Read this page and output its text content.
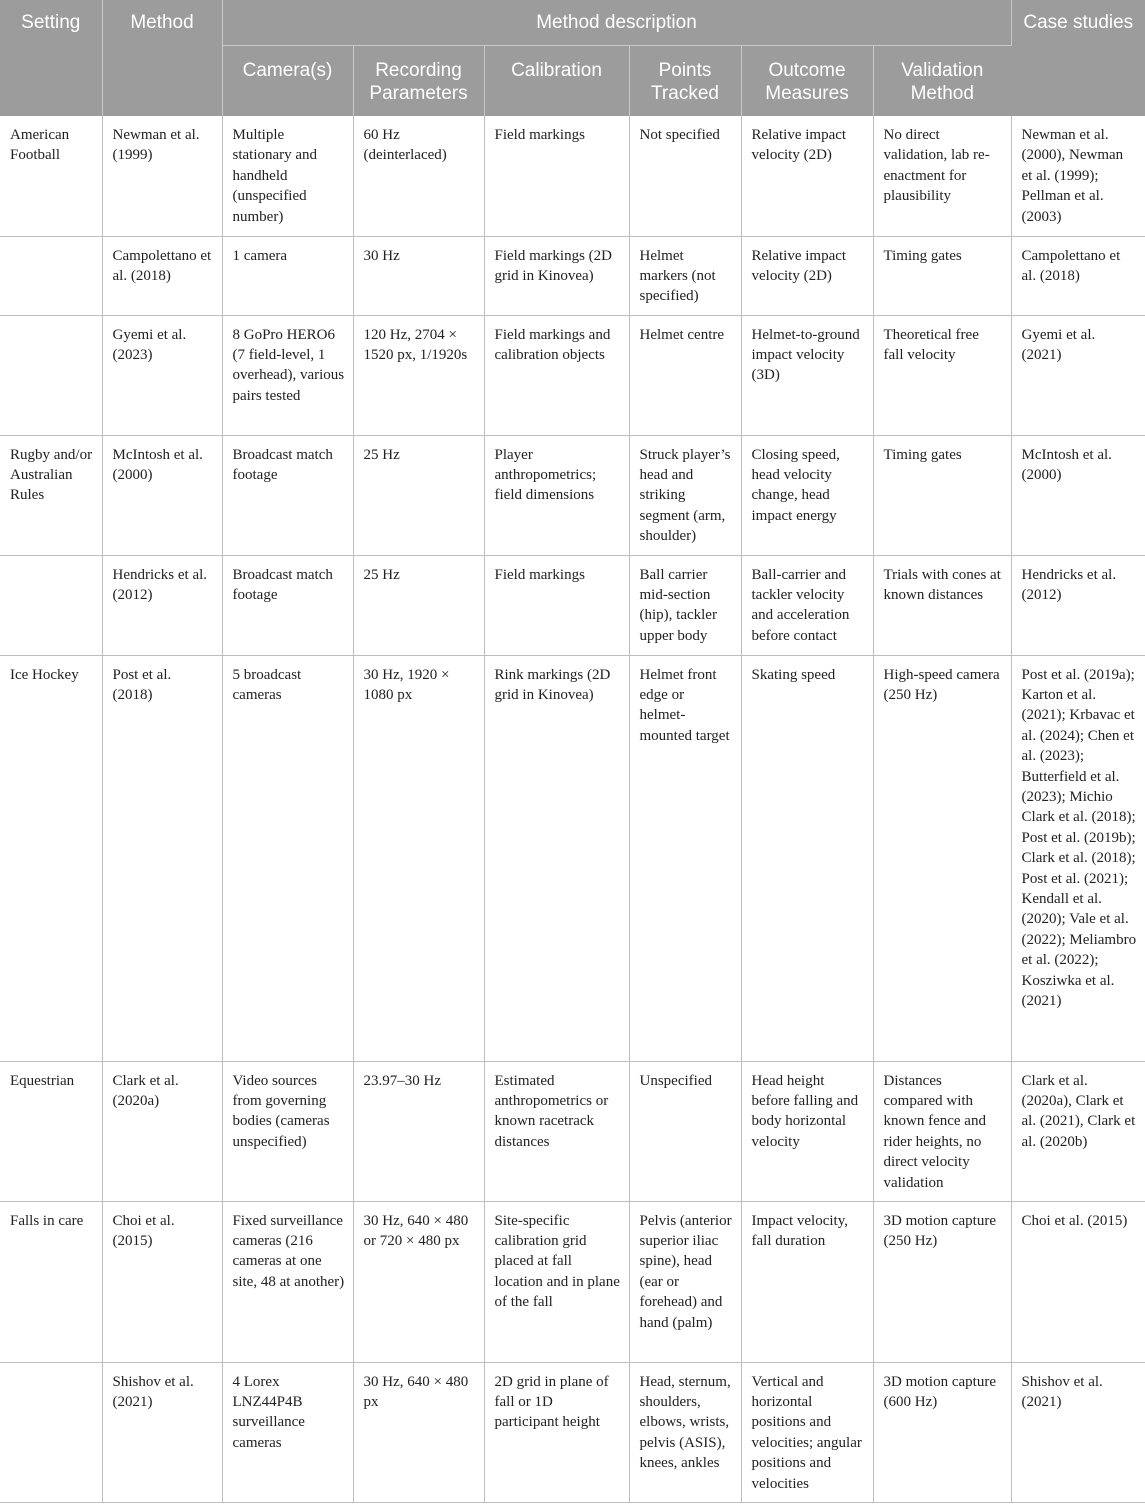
Setting	Method	Method description						Case studies
		Camera(s)	Recording Parameters	Calibration	Points Tracked	Outcome Measures	Validation Method	
American Football	Newman et al. (1999)	Multiple stationary and handheld (unspecified number)	60 Hz (deinterlaced)	Field markings	Not specified	Relative impact velocity (2D)	No direct validation, lab re-enactment for plausibility	Newman et al. (2000), Newman et al. (1999); Pellman et al. (2003)
	Campolettano et al. (2018)	1 camera	30 Hz	Field markings (2D grid in Kinovea)	Helmet markers (not specified)	Relative impact velocity (2D)	Timing gates	Campolettano et al. (2018)
	Gyemi et al. (2023)	8 GoPro HERO6 (7 field-level, 1 overhead), various pairs tested	120 Hz, 2704 × 1520 px, 1/1920s	Field markings and calibration objects	Helmet centre	Helmet-to-ground impact velocity (3D)	Theoretical free fall velocity	Gyemi et al. (2021)
Rugby and/or Australian Rules	McIntosh et al. (2000)	Broadcast match footage	25 Hz	Player anthropometrics; field dimensions	Struck player’s head and striking segment (arm, shoulder)	Closing speed, head velocity change, head impact energy	Timing gates	McIntosh et al. (2000)
	Hendricks et al. (2012)	Broadcast match footage	25 Hz	Field markings	Ball carrier mid-section (hip), tackler upper body	Ball-carrier and tackler velocity and acceleration before contact	Trials with cones at known distances	Hendricks et al. (2012)
Ice Hockey	Post et al. (2018)	5 broadcast cameras	30 Hz, 1920 × 1080 px	Rink markings (2D grid in Kinovea)	Helmet front edge or helmet-mounted target	Skating speed	High-speed camera (250 Hz)	Post et al. (2019a); Karton et al. (2021); Krbavac et al. (2024); Chen et al. (2023); Butterfield et al. (2023); Michio Clark et al. (2018); Post et al. (2019b); Clark et al. (2018); Post et al. (2021); Kendall et al. (2020); Vale et al. (2022); Meliambro et al. (2022); Kosziwka et al. (2021)
Equestrian	Clark et al. (2020a)	Video sources from governing bodies (cameras unspecified)	23.97–30 Hz	Estimated anthropometrics or known racetrack distances	Unspecified	Head height before falling and body horizontal velocity	Distances compared with known fence and rider heights, no direct velocity validation	Clark et al. (2020a), Clark et al. (2021), Clark et al. (2020b)
Falls in care	Choi et al. (2015)	Fixed surveillance cameras (216 cameras at one site, 48 at another)	30 Hz, 640 × 480 or 720 × 480 px	Site-specific calibration grid placed at fall location and in plane of the fall	Pelvis (anterior superior iliac spine), head (ear or forehead) and hand (palm)	Impact velocity, fall duration	3D motion capture (250 Hz)	Choi et al. (2015)
	Shishov et al. (2021)	4 Lorex LNZ44P4B surveillance cameras	30 Hz, 640 × 480 px	2D grid in plane of fall or 1D participant height	Head, sternum, shoulders, elbows, wrists, pelvis (ASIS), knees, ankles	Vertical and horizontal positions and velocities; angular positions and velocities	3D motion capture (600 Hz)	Shishov et al. (2021)
